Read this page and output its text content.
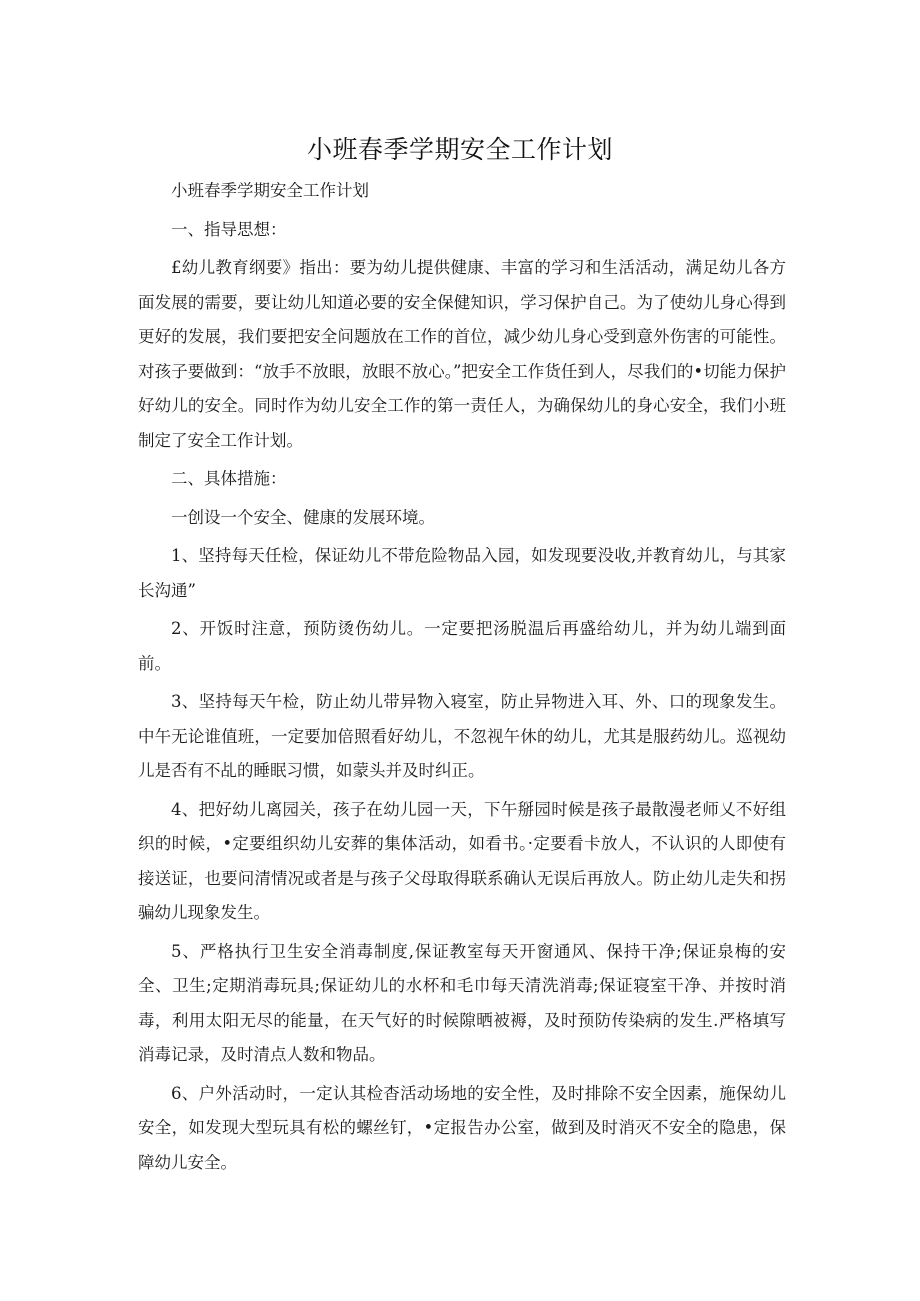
小班春季学期安全工作计划

小班春季学期安全工作计划

一、指导思想：

£幼儿教育纲要》指出：要为幼儿提供健康、丰富的学习和生活活动，满足幼儿各方面发展的需要，要让幼儿知道必要的安全保健知识，学习保护自己。为了使幼儿身心得到更好的发展，我们要把安全问题放在工作的首位，减少幼儿身心受到意外伤害的可能性。对孩子要做到：“放手不放眼，放眼不放心。”把安全工作货任到人，尽我们的•切能力保护好幼儿的安全。同时作为幼儿安全工作的第一责任人，为确保幼儿的身心安全，我们小班制定了安全工作计划。

二、具体措施：

一创设一个安全、健康的发展环境。

1、坚持每天任检，保证幼儿不带危险物品入园，如发现要没收,并教育幼儿，与其家长沟通”

2、开饭时注意，预防烫伤幼儿。一定要把汤脱温后再盛给幼儿，并为幼儿端到面前。

3、坚持每天午检，防止幼儿带异物入寝室，防止异物进入耳、外、口的现象发生。中午无论谁值班，一定要加倍照看好幼儿，不忽视午休的幼儿，尤其是服药幼儿。巡视幼儿是否有不乩的睡眠习惯，如蒙头并及时纠正。

4、把好幼儿离园关，孩子在幼儿园一天，下午掰园时候是孩子最散漫老师乂不好组织的时候，•定要组织幼儿安葬的集体活动，如看书。·定要看卡放人，不认识的人即使有接送证，也要问清情况或者是与孩子父母取得联系确认无误后再放人。防止幼儿走失和拐骗幼儿现象发生。

5、严格执行卫生安全消毒制度,保证教室每天开窗通风、保持干净;保证泉梅的安全、卫生;定期消毒玩具;保证幼儿的水杯和毛巾每天清洗消毒;保证寝室干净、并按时消毒，利用太阳无尽的能量，在天气好的时候隙晒被褥，及时预防传染病的发生.严格填写消毒记录，及时清点人数和物品。

6、户外活动时，一定认其检杳活动场地的安全性，及时排除不安全因素，施保幼儿安全，如发现大型玩具有松的螺丝钉，•定报告办公室，做到及时消灭不安全的隐患，保障幼儿安全。
